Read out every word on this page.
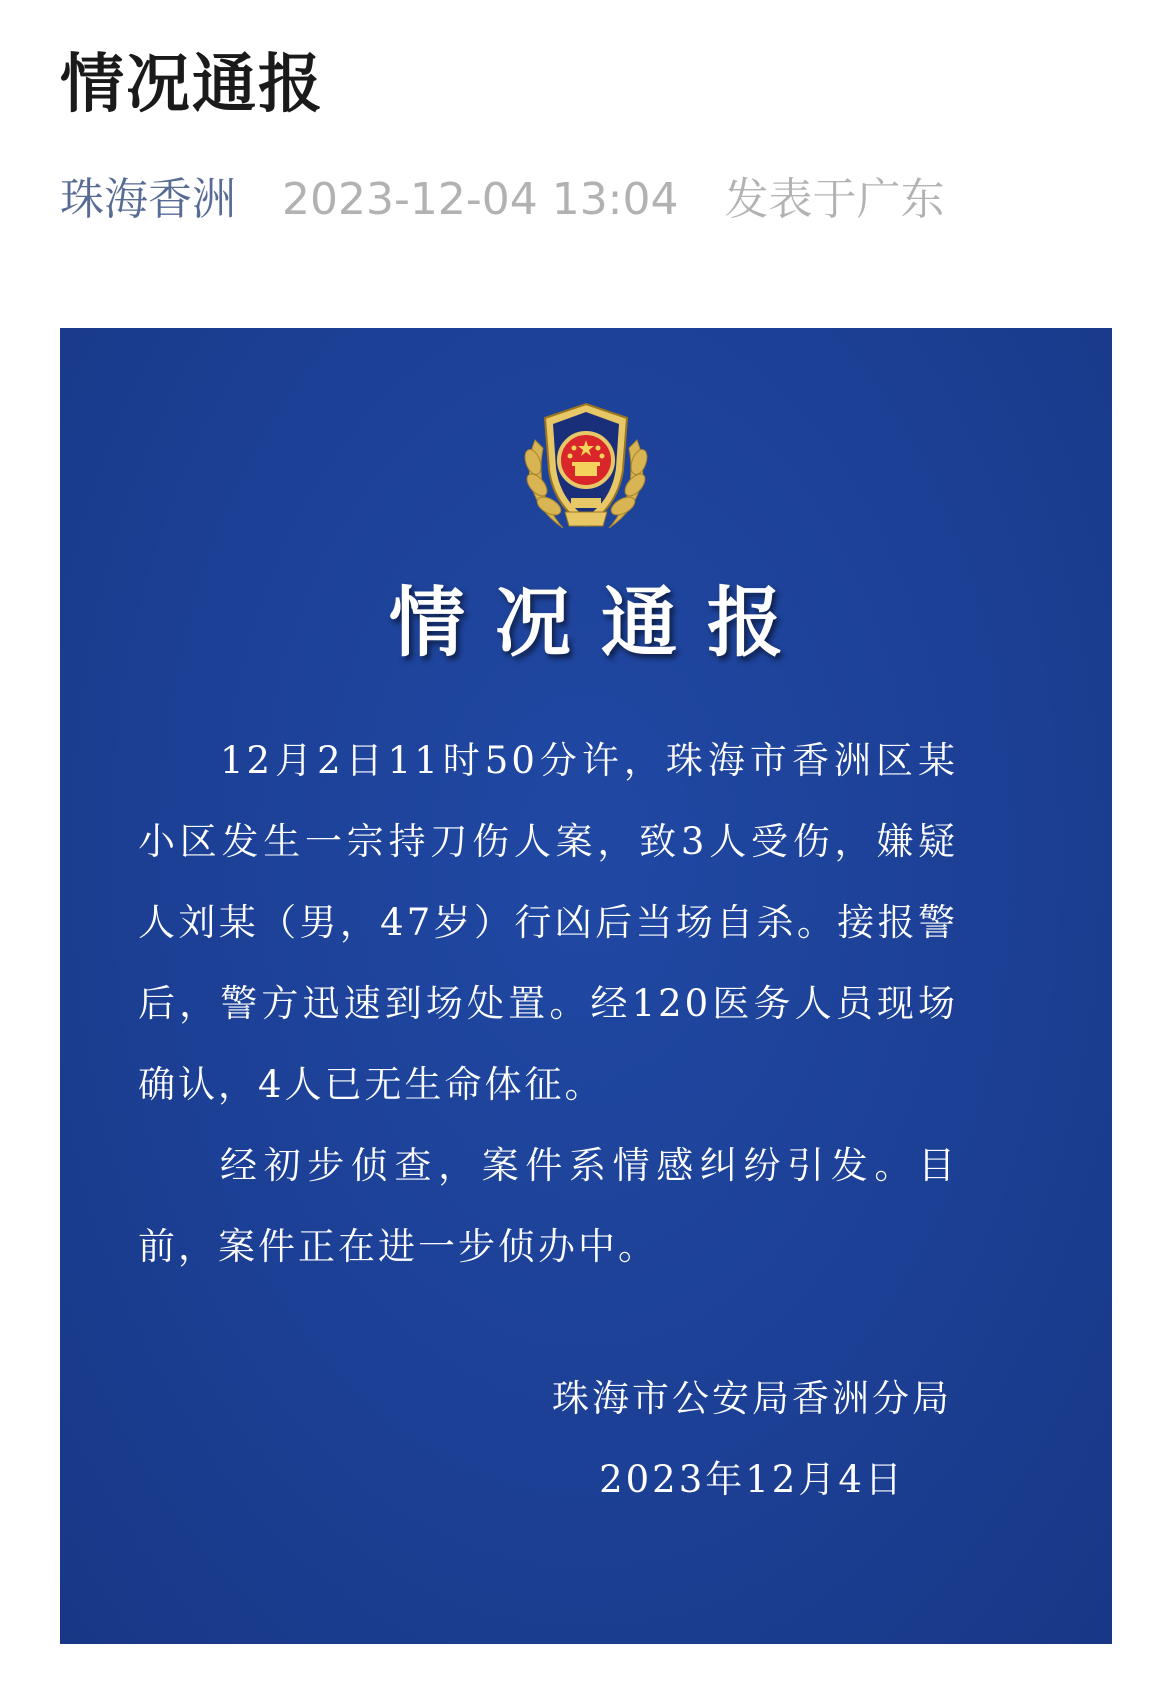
情况通报
珠海香洲 2023-12-04 13:04 发表于广东
情况通报

12月2日11时50分许，珠海市香洲区某小区发生一宗持刀伤人案，致3人受伤，嫌疑人刘某（男，47岁）行凶后当场自杀。接报警后，警方迅速到场处置。经120医务人员现场确认，4人已无生命体征。

经初步侦查，案件系情感纠纷引发。目前，案件正在进一步侦办中。

珠海市公安局香洲分局
2023年12月4日
